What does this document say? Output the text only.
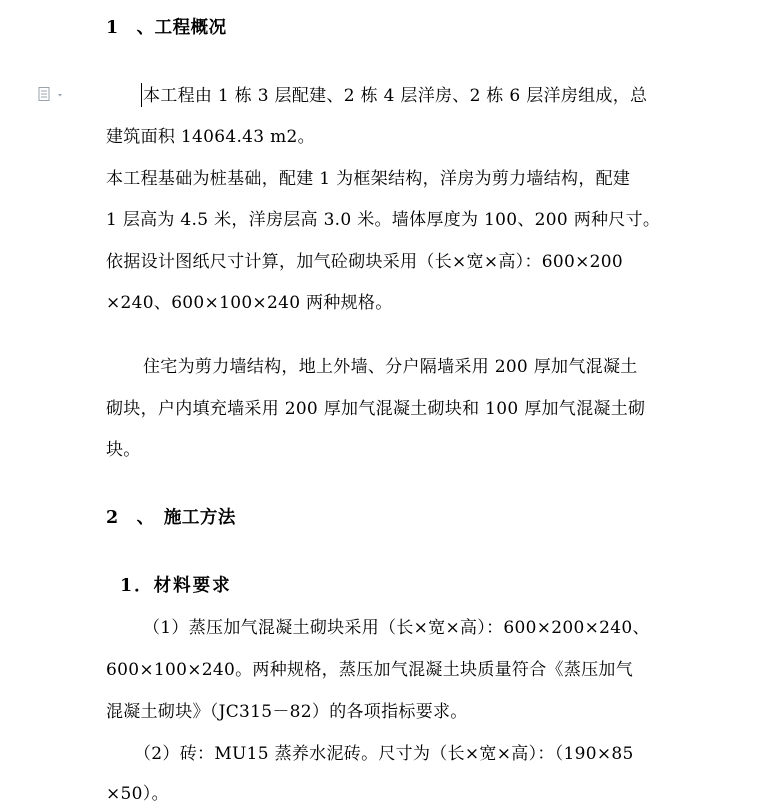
1　、工程概况
本工程由 1 栋 3 层配建、2 栋 4 层洋房、2 栋 6 层洋房组成，总
建筑面积 14064.43 m2。
本工程基础为桩基础，配建 1 为框架结构，洋房为剪力墙结构，配建
1 层高为 4.5 米，洋房层高 3.0 米。墙体厚度为 100、200 两种尺寸。
依据设计图纸尺寸计算，加气砼砌块采用（长×宽×高）：600×200
×240、600×100×240 两种规格。
住宅为剪力墙结构，地上外墙、分户隔墙采用 200 厚加气混凝土
砌块，户内填充墙采用 200 厚加气混凝土砌块和 100 厚加气混凝土砌
块。
2　、　施工方法
1．材料要求
（1）蒸压加气混凝土砌块采用（长×宽×高）：600×200×240、
600×100×240。两种规格，蒸压加气混凝土块质量符合《蒸压加气
混凝土砌块》（JC315－82）的各项指标要求。
（2）砖：MU15 蒸养水泥砖。尺寸为（长×宽×高）：（190×85
×50）。
